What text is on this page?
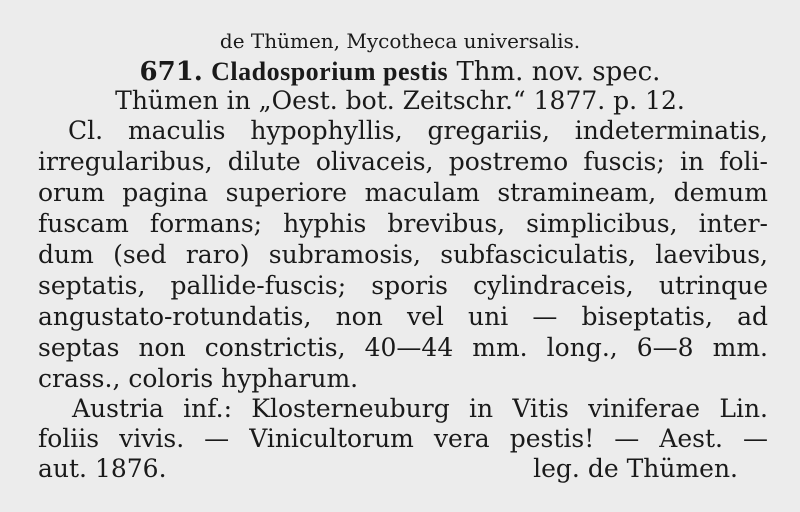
de Thümen, Mycotheca universalis.
671. Cladosporium pestis Thm. nov. spec.
Thümen in „Oest. bot. Zeitschr.“ 1877. p. 12.
Cl. maculis hypophyllis, gregariis, indeterminatis,
irregularibus, dilute olivaceis, postremo fuscis; in foli-
orum pagina superiore maculam stramineam, demum
fuscam formans; hyphis brevibus, simplicibus, inter-
dum (sed raro) subramosis, subfasciculatis, laevibus,
septatis, pallide-fuscis; sporis cylindraceis, utrinque
angustato-rotundatis, non vel uni — biseptatis, ad
septas non constrictis, 40—44 mm. long., 6—8 mm.
crass., coloris hypharum.
Austria inf.: Klosterneuburg in Vitis viniferae Lin.
foliis vivis. — Vinicultorum vera pestis! — Aest. —
aut. 1876.	leg. de Thümen.
